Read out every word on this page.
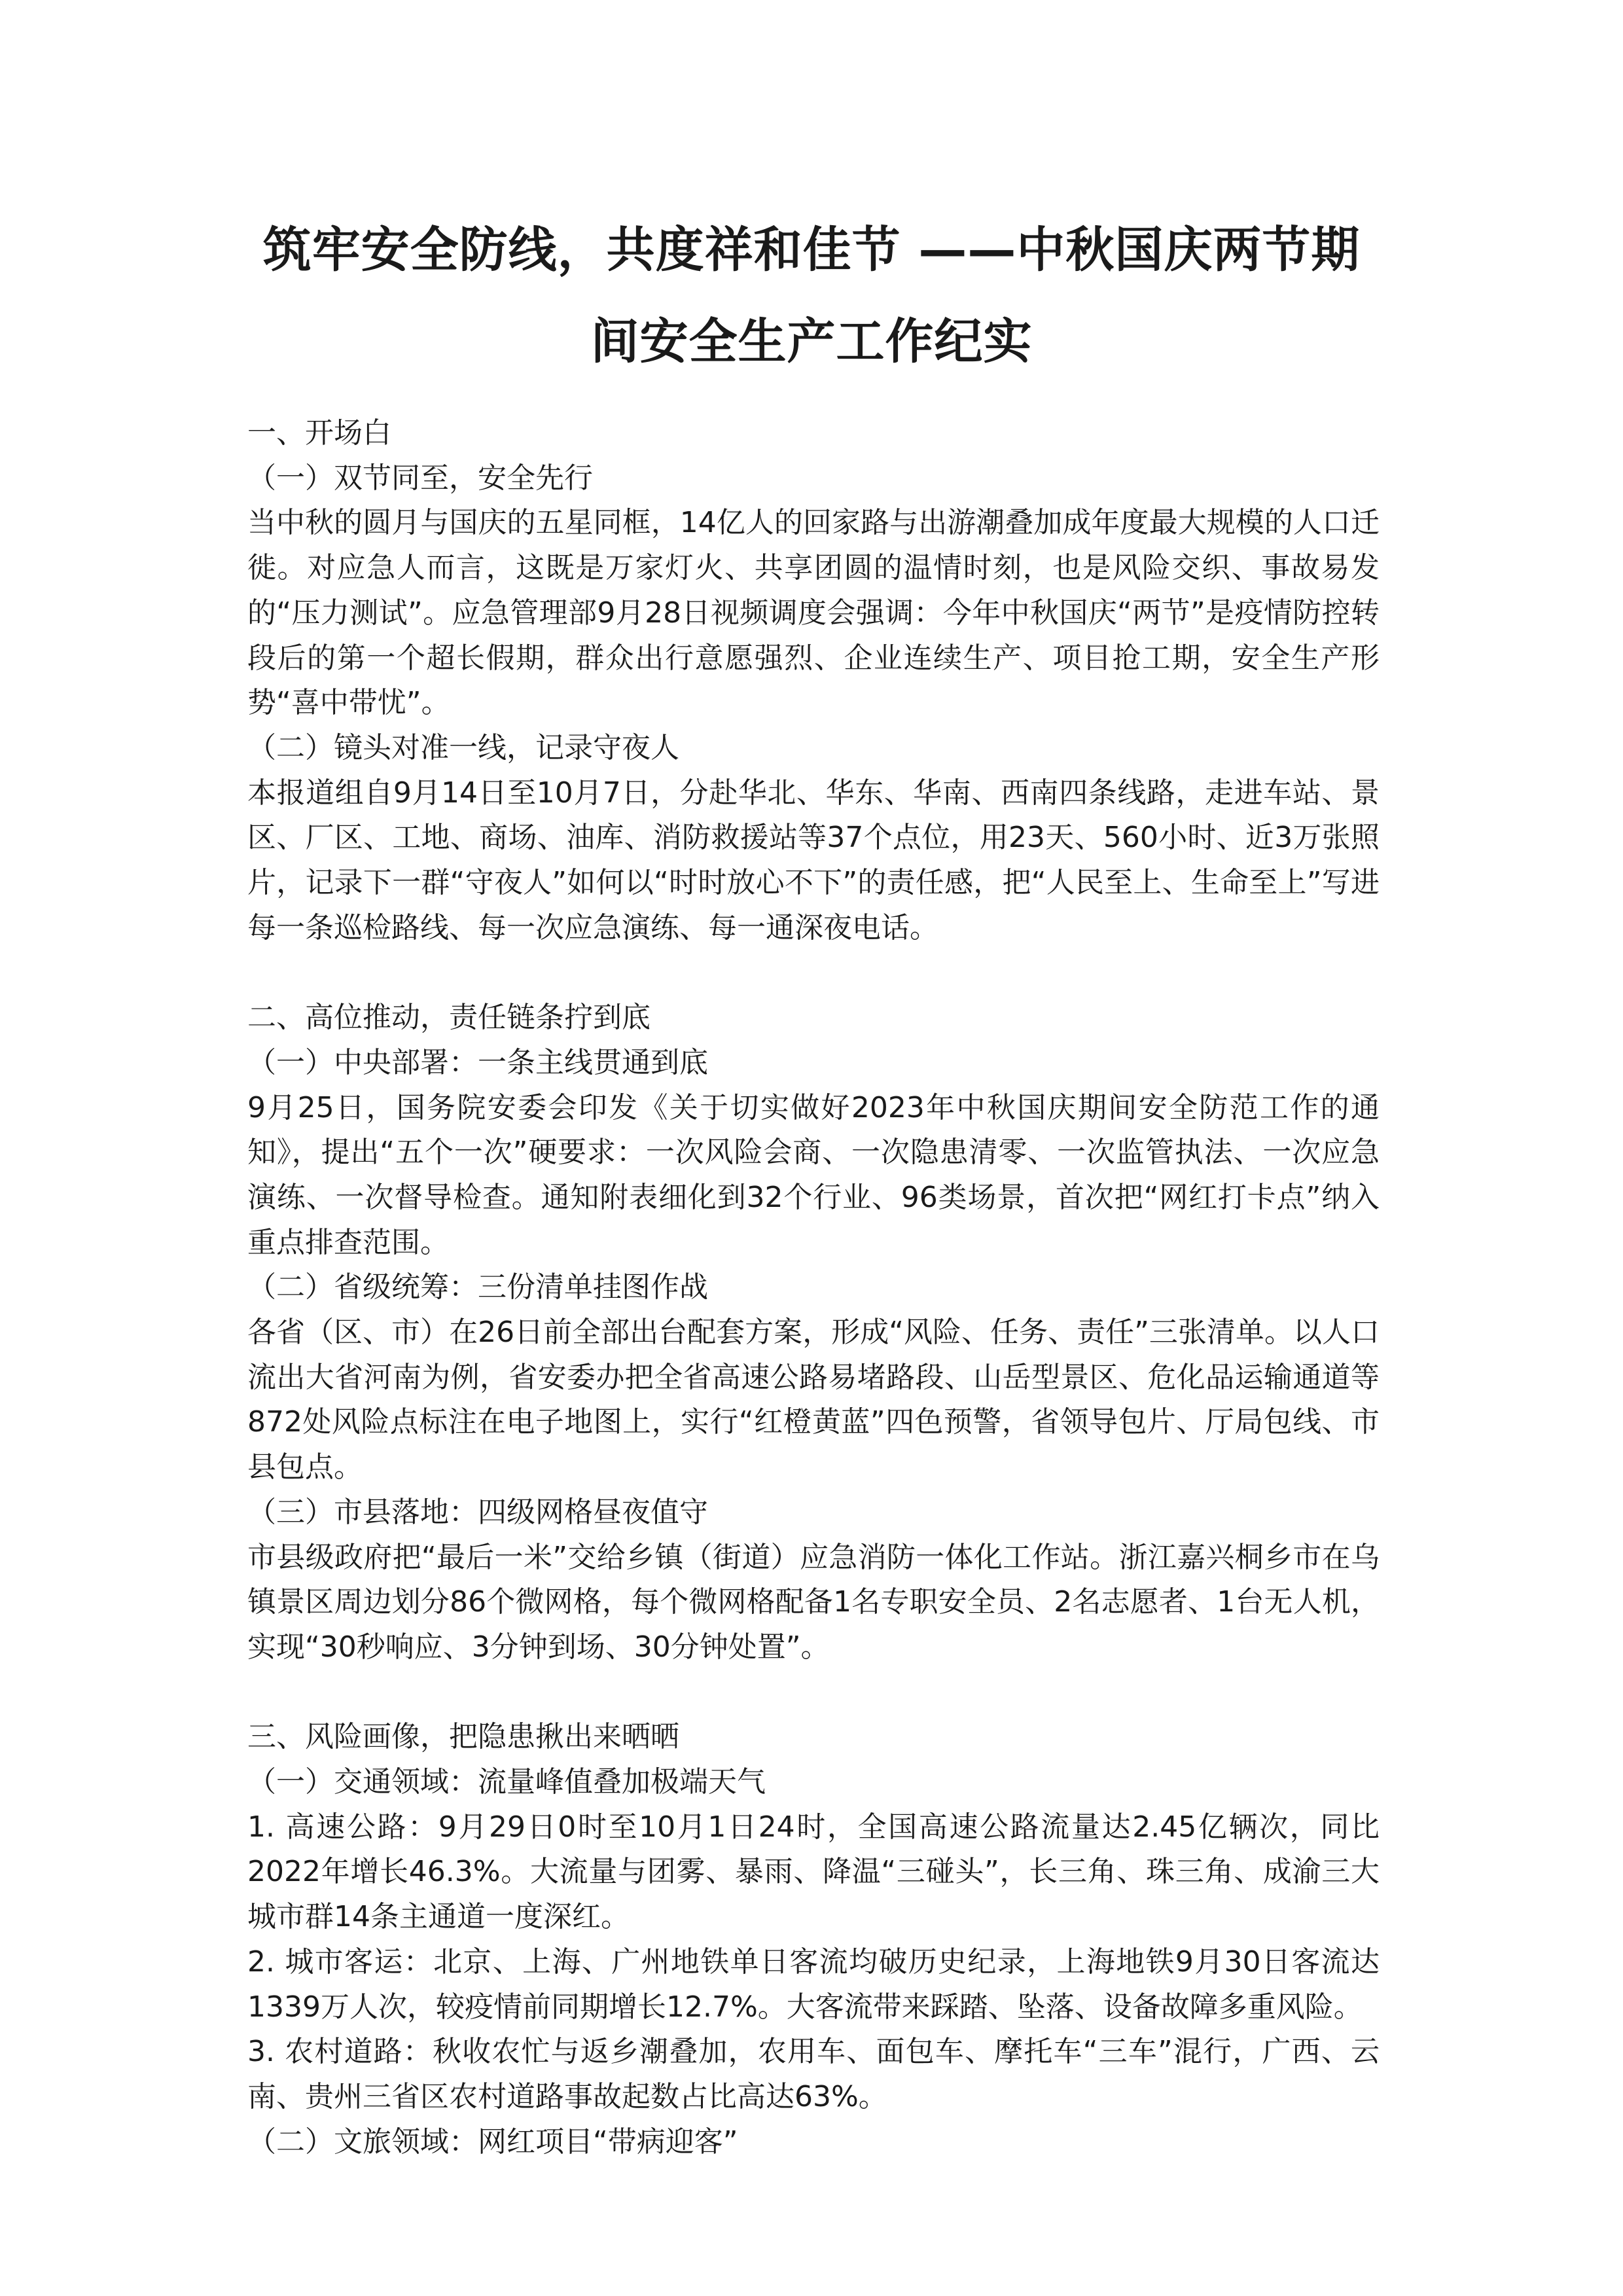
筑牢安全防线，共度祥和佳节 ——中秋国庆两节期
间安全生产工作纪实

一、开场白

（一）双节同至，安全先行

当中秋的圆月与国庆的五星同框，14亿人的回家路与出游潮叠加成年度最大规模的人口迁徙。对应急人而言，这既是万家灯火、共享团圆的温情时刻，也是风险交织、事故易发的“压力测试”。应急管理部9月28日视频调度会强调：今年中秋国庆“两节”是疫情防控转段后的第一个超长假期，群众出行意愿强烈、企业连续生产、项目抢工期，安全生产形势“喜中带忧”。

（二）镜头对准一线，记录守夜人

本报道组自9月14日至10月7日，分赴华北、华东、华南、西南四条线路，走进车站、景区、厂区、工地、商场、油库、消防救援站等37个点位，用23天、560小时、近3万张照片，记录下一群“守夜人”如何以“时时放心不下”的责任感，把“人民至上、生命至上”写进每一条巡检路线、每一次应急演练、每一通深夜电话。

二、高位推动，责任链条拧到底

（一）中央部署：一条主线贯通到底

9月25日，国务院安委会印发《关于切实做好2023年中秋国庆期间安全防范工作的通知》，提出“五个一次”硬要求：一次风险会商、一次隐患清零、一次监管执法、一次应急演练、一次督导检查。通知附表细化到32个行业、96类场景，首次把“网红打卡点”纳入重点排查范围。

（二）省级统筹：三份清单挂图作战

各省（区、市）在26日前全部出台配套方案，形成“风险、任务、责任”三张清单。以人口流出大省河南为例，省安委办把全省高速公路易堵路段、山岳型景区、危化品运输通道等872处风险点标注在电子地图上，实行“红橙黄蓝”四色预警，省领导包片、厅局包线、市县包点。

（三）市县落地：四级网格昼夜值守

市县级政府把“最后一米”交给乡镇（街道）应急消防一体化工作站。浙江嘉兴桐乡市在乌镇景区周边划分86个微网格，每个微网格配备1名专职安全员、2名志愿者、1台无人机，实现“30秒响应、3分钟到场、30分钟处置”。

三、风险画像，把隐患揪出来晒晒

（一）交通领域：流量峰值叠加极端天气

1. 高速公路：9月29日0时至10月1日24时，全国高速公路流量达2.45亿辆次，同比2022年增长46.3%。大流量与团雾、暴雨、降温“三碰头”，长三角、珠三角、成渝三大城市群14条主通道一度深红。

2. 城市客运：北京、上海、广州地铁单日客流均破历史纪录，上海地铁9月30日客流达1339万人次，较疫情前同期增长12.7%。大客流带来踩踏、坠落、设备故障多重风险。

3. 农村道路：秋收农忙与返乡潮叠加，农用车、面包车、摩托车“三车”混行，广西、云南、贵州三省区农村道路事故起数占比高达63%。

（二）文旅领域：网红项目“带病迎客”
